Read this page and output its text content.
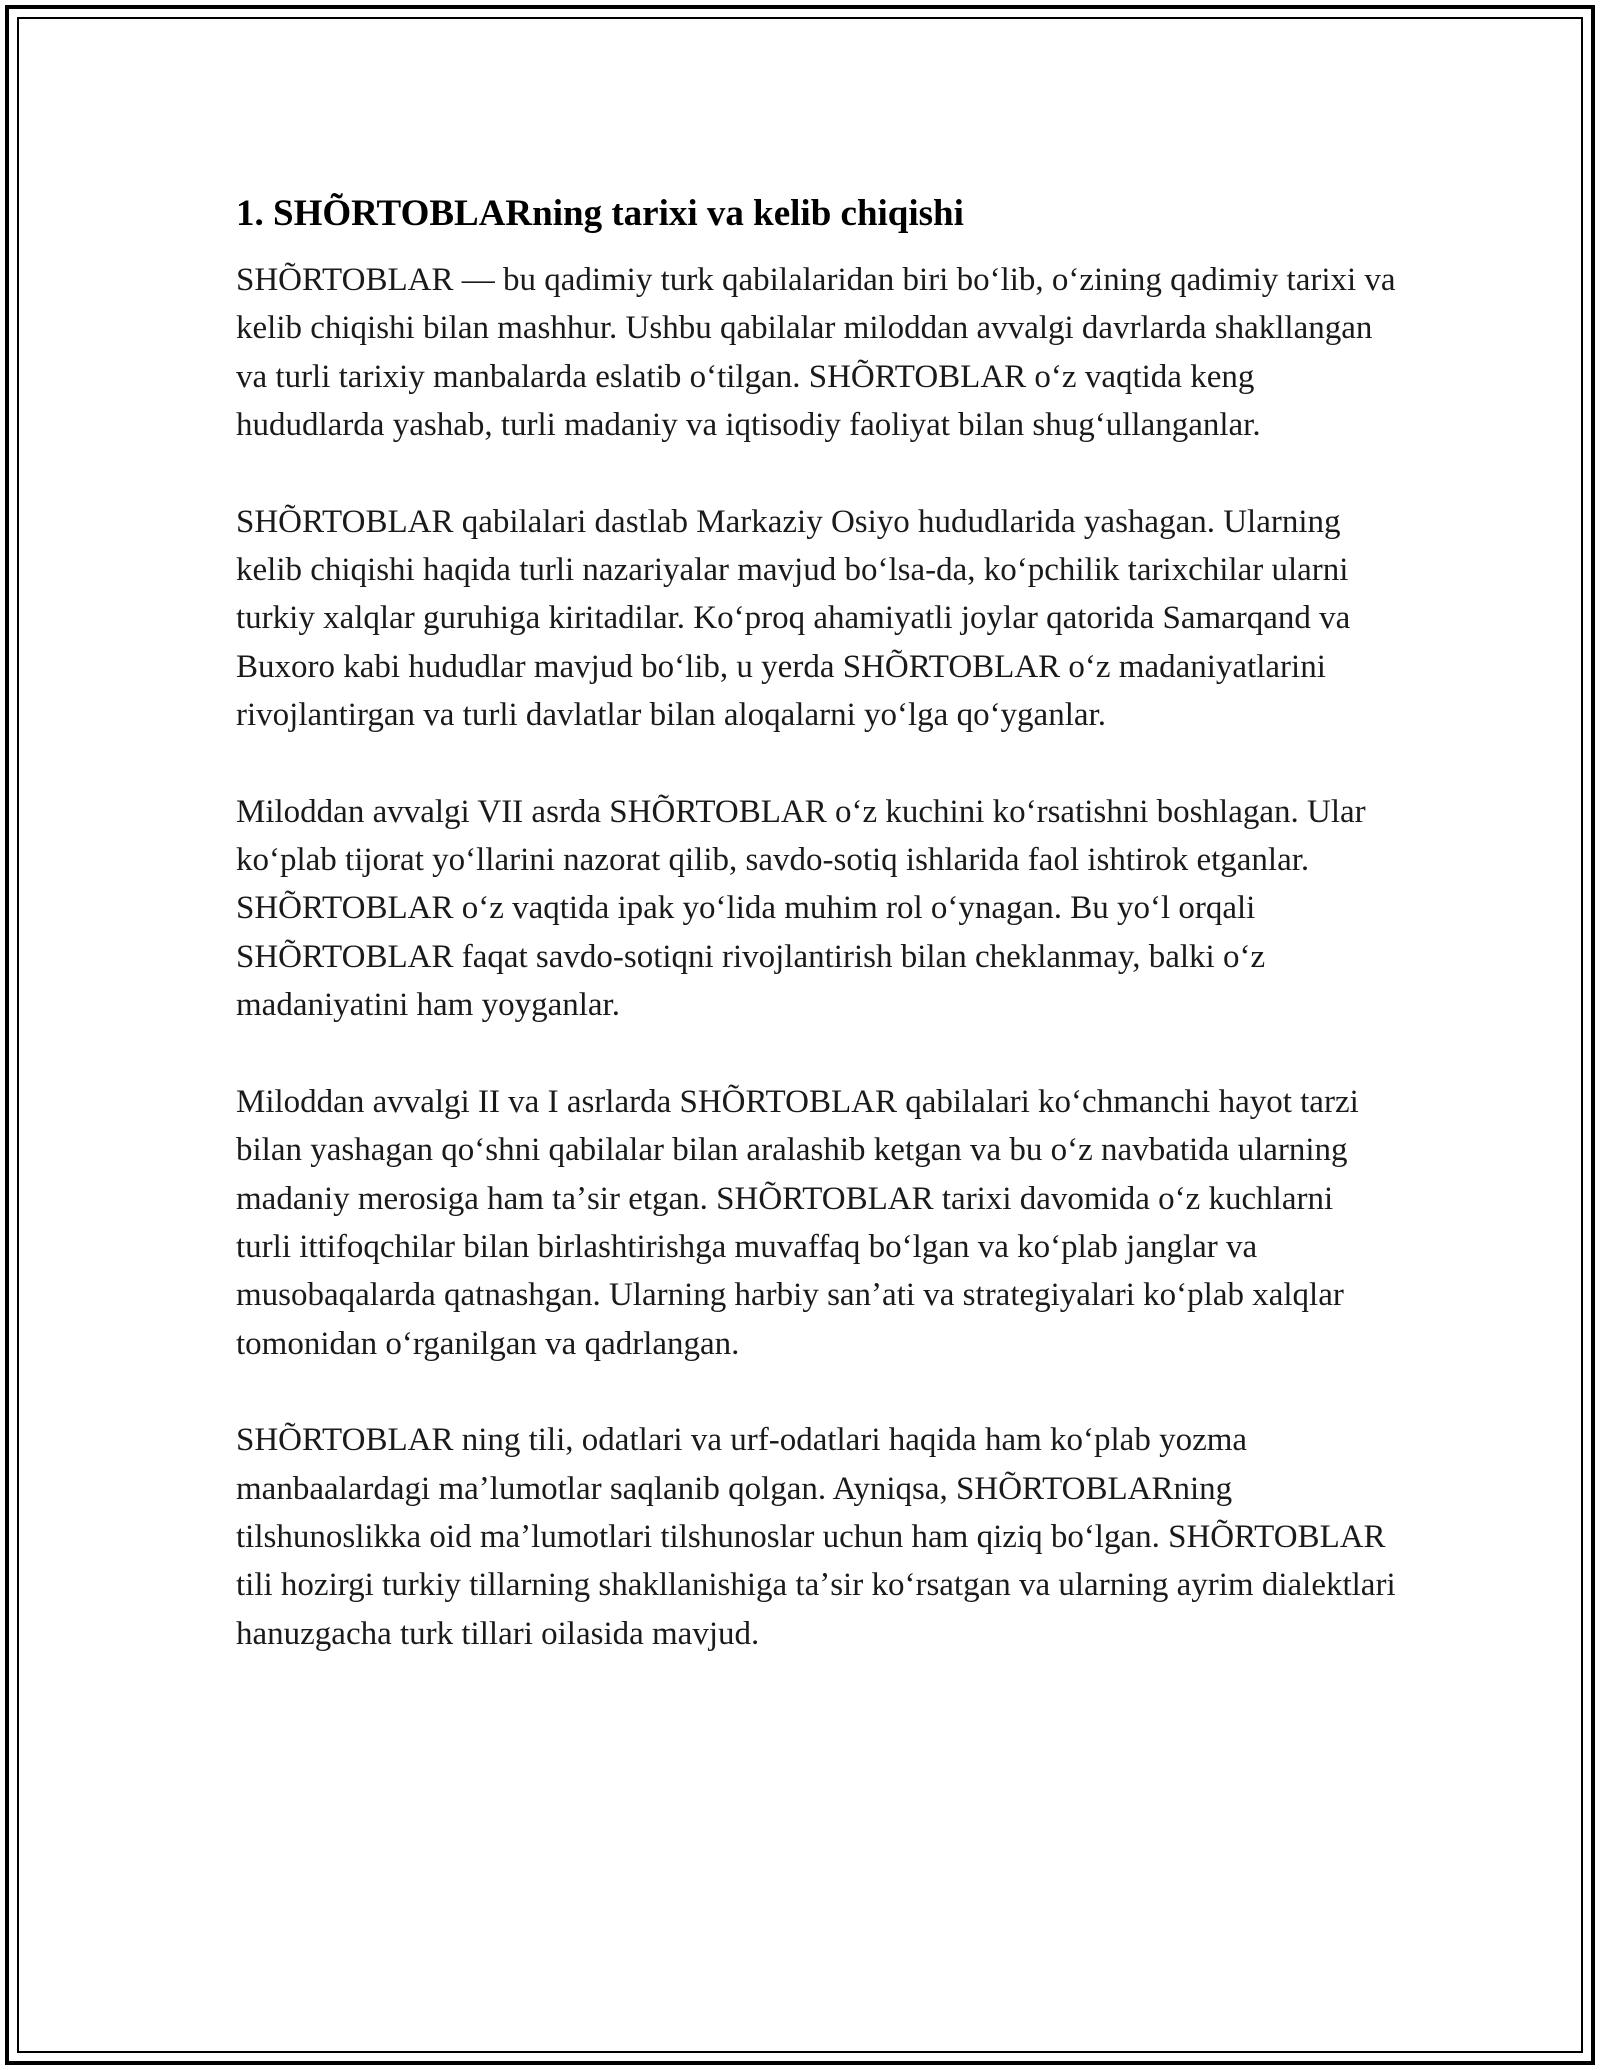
1. SHÕRTOBLARning tarixi va kelib chiqishi

SHÕRTOBLAR — bu qadimiy turk qabilalaridan biri boʻlib, oʻzining qadimiy tarixi va kelib chiqishi bilan mashhur. Ushbu qabilalar miloddan avvalgi davrlarda shakllangan va turli tarixiy manbalarda eslatib oʻtilgan. SHÕRTOBLAR oʻz vaqtida keng hududlarda yashab, turli madaniy va iqtisodiy faoliyat bilan shugʻullanganlar.

SHÕRTOBLAR qabilalari dastlab Markaziy Osiyo hududlarida yashagan. Ularning kelib chiqishi haqida turli nazariyalar mavjud boʻlsa-da, koʻpchilik tarixchilar ularni turkiy xalqlar guruhiga kiritadilar. Koʻproq ahamiyatli joylar qatorida Samarqand va Buxoro kabi hududlar mavjud boʻlib, u yerda SHÕRTOBLAR oʻz madaniyatlarini rivojlantirgan va turli davlatlar bilan aloqalarni yoʻlga qoʻyganlar.

Miloddan avvalgi VII asrda SHÕRTOBLAR oʻz kuchini koʻrsatishni boshlagan. Ular koʻplab tijorat yoʻllarini nazorat qilib, savdo-sotiq ishlarida faol ishtirok etganlar. SHÕRTOBLAR oʻz vaqtida ipak yoʻlida muhim rol oʻynagan. Bu yoʻl orqali SHÕRTOBLAR faqat savdo-sotiqni rivojlantirish bilan cheklanmay, balki oʻz madaniyatini ham yoyganlar.

Miloddan avvalgi II va I asrlarda SHÕRTOBLAR qabilalari koʻchmanchi hayot tarzi bilan yashagan qoʻshni qabilalar bilan aralashib ketgan va bu oʻz navbatida ularning madaniy merosiga ham taʼsir etgan. SHÕRTOBLAR tarixi davomida oʻz kuchlarni turli ittifoqchilar bilan birlashtirishga muvaffaq boʻlgan va koʻplab janglar va musobaqalarda qatnashgan. Ularning harbiy sanʼati va strategiyalari koʻplab xalqlar tomonidan oʻrganilgan va qadrlangan.

SHÕRTOBLAR ning tili, odatlari va urf-odatlari haqida ham koʻplab yozma manbaalardagi maʼlumotlar saqlanib qolgan. Ayniqsa, SHÕRTOBLARning tilshunoslikka oid maʼlumotlari tilshunoslar uchun ham qiziq boʻlgan. SHÕRTOBLAR tili hozirgi turkiy tillarning shakllanishiga taʼsir koʻrsatgan va ularning ayrim dialektlari hanuzgacha turk tillari oilasida mavjud.
